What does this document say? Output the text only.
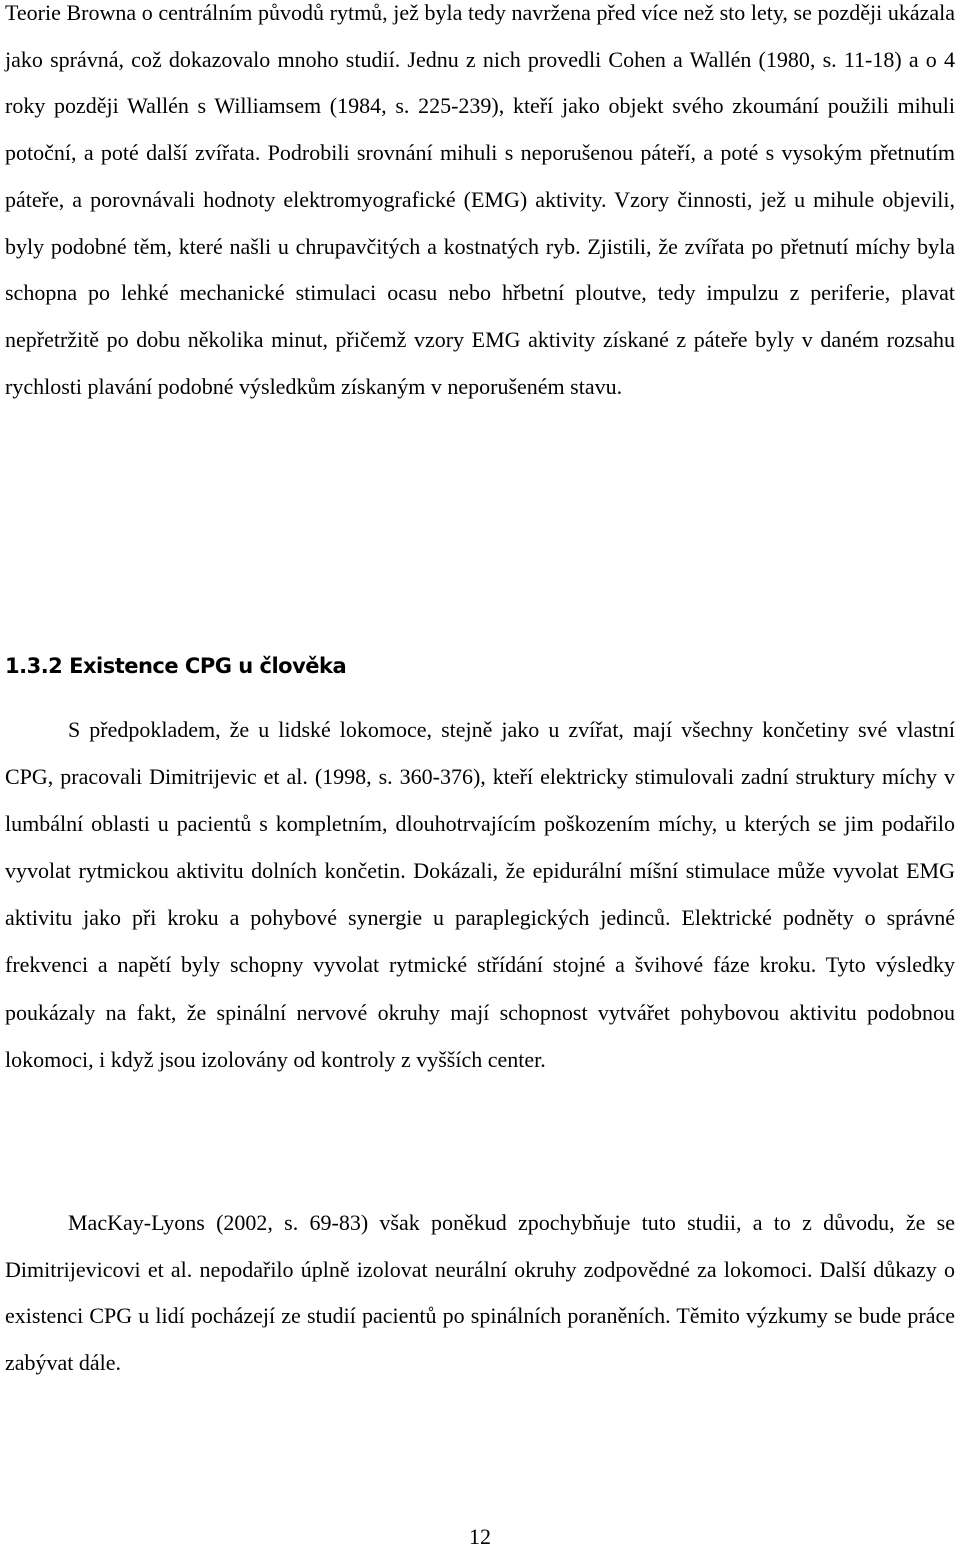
Teorie Browna o centrálním původů rytmů, jež byla tedy navržena před více než sto lety, se později ukázala jako správná, což dokazovalo mnoho studií. Jednu z nich provedli Cohen a Wallén (1980, s. 11-18) a o 4 roky později Wallén s Williamsem (1984, s. 225-239), kteří jako objekt svého zkoumání použili mihuli potoční, a poté další zvířata. Podrobili srovnání mihuli s neporušenou páteří, a poté s vysokým přetnutím páteře, a porovnávali hodnoty elektromyografické (EMG) aktivity. Vzory činnosti, jež u mihule objevili, byly podobné těm, které našli u chrupavčitých a kostnatých ryb. Zjistili, že zvířata po přetnutí míchy byla schopna po lehké mechanické stimulaci ocasu nebo hřbetní ploutve, tedy impulzu z periferie, plavat nepřetržitě po dobu několika minut, přičemž vzory EMG aktivity získané z páteře byly v daném rozsahu rychlosti plavání podobné výsledkům získaným v neporušeném stavu.

1.3.2 Existence CPG u člověka

S předpokladem, že u lidské lokomoce, stejně jako u zvířat, mají všechny končetiny své vlastní CPG, pracovali Dimitrijevic et al. (1998, s. 360-376), kteří elektricky stimulovali zadní struktury míchy v lumbální oblasti u pacientů s kompletním, dlouhotrvajícím poškozením míchy, u kterých se jim podařilo vyvolat rytmickou aktivitu dolních končetin. Dokázali, že epidurální míšní stimulace může vyvolat EMG aktivitu jako při kroku a pohybové synergie u paraplegických jedinců. Elektrické podněty o správné frekvenci a napětí byly schopny vyvolat rytmické střídání stojné a švihové fáze kroku. Tyto výsledky poukázaly na fakt, že spinální nervové okruhy mají schopnost vytvářet pohybovou aktivitu podobnou lokomoci, i když jsou izolovány od kontroly z vyšších center.

MacKay-Lyons (2002, s. 69-83) však poněkud zpochybňuje tuto studii, a to z důvodu, že se Dimitrijevicovi et al. nepodařilo úplně izolovat neurální okruhy zodpovědné za lokomoci. Další důkazy o existenci CPG u lidí pocházejí ze studií pacientů po spinálních poraněních. Těmito výzkumy se bude práce zabývat dále.

12
